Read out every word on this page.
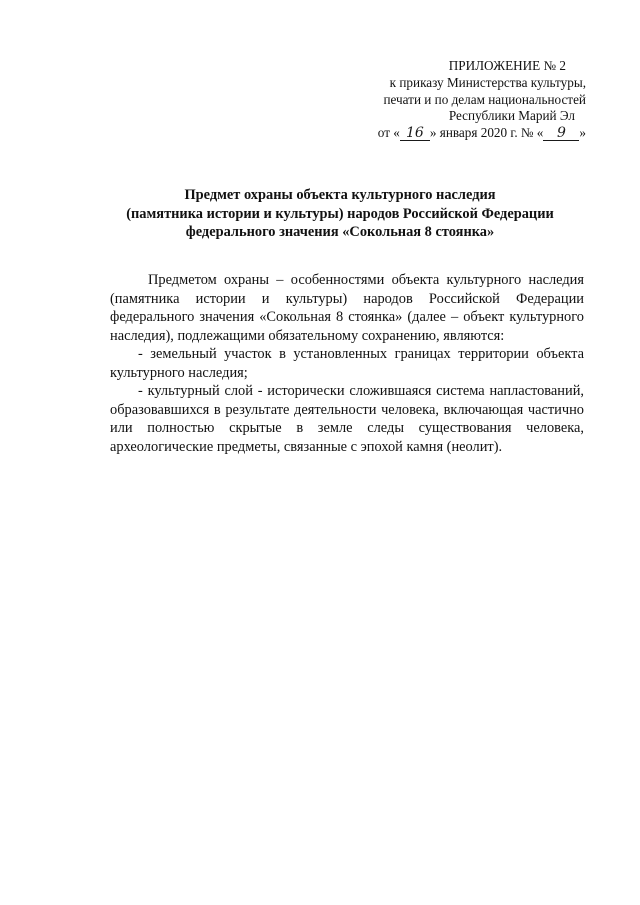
ПРИЛОЖЕНИЕ № 2
к приказу Министерства культуры,
печати и по делам национальностей
Республики Марий Эл
от « 16 » января 2020 г. № « 9 »
Предмет охраны объекта культурного наследия
(памятника истории и культуры) народов Российской Федерации
федерального значения «Сокольная 8 стоянка»

Предметом охраны – особенностями объекта культурного наследия (памятника истории и культуры) народов Российской Федерации федерального значения «Сокольная 8 стоянка» (далее – объект культурного наследия), подлежащими обязательному сохранению, являются:

- земельный участок в установленных границах территории объекта культурного наследия;

- культурный слой - исторически сложившаяся система напластований, образовавшихся в результате деятельности человека, включающая частично или полностью скрытые в земле следы существования человека, археологические предметы, связанные с эпохой камня (неолит).
